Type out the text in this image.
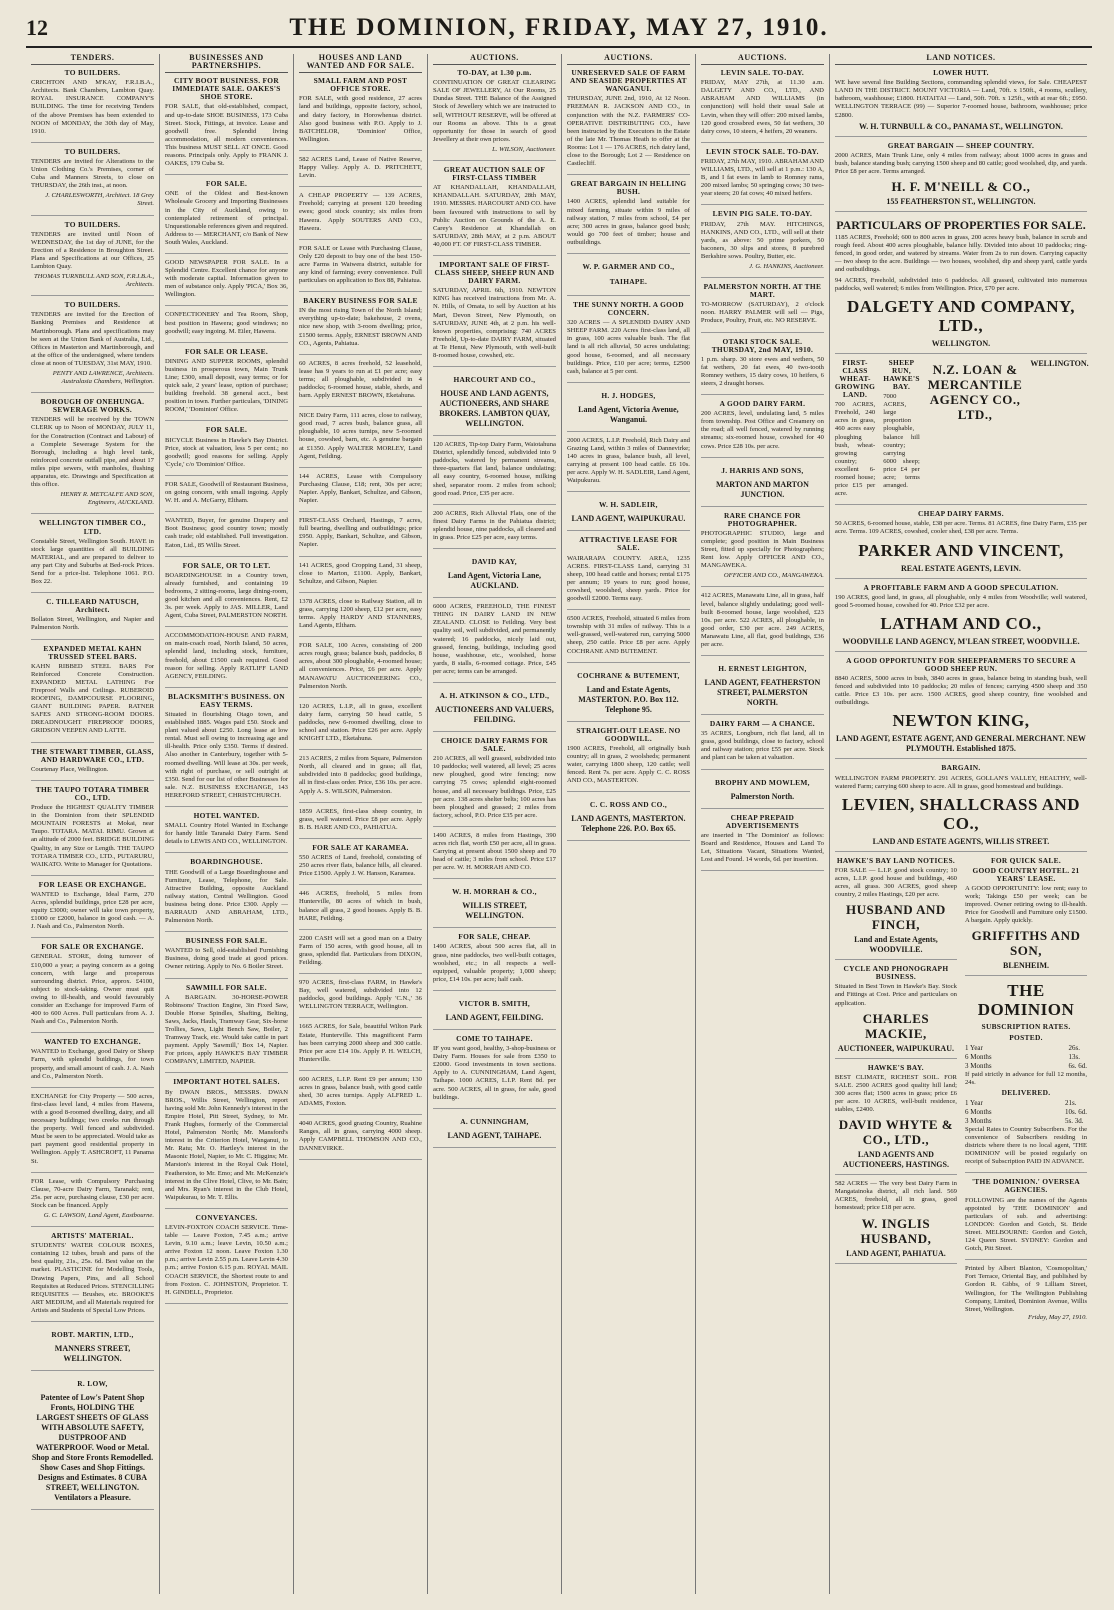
12	THE DOMINION, FRIDAY, MAY 27, 1910.
TENDERS.
TO BUILDERS.

CRICHTON AND M'KAY, F.R.I.B.A., Architects. Bank Chambers, Lambton Quay. ROYAL INSURANCE COMPANY'S BUILDING. The time for receiving Tenders of the above Premises has been extended to NOON of MONDAY, the 30th day of May, 1910.

TO BUILDERS.

TENDERS are invited for Alterations to the Union Clothing Co.'s Premises, corner of Cuba and Manners Streets, to close on THURSDAY, the 26th inst., at noon.

J. CHARLESWORTH, Architect. 18 Grey Street.

TO BUILDERS.

TENDERS are invited until Noon of WEDNESDAY, the 1st day of JUNE, for the Erection of a Residence in Broughton Street. Plans and Specifications at our Offices, 25 Lambton Quay.

THOMAS TURNBULL AND SON, F.R.I.B.A., Architects.

TO BUILDERS.

TENDERS are invited for the Erection of Banking Premises and Residence at Martinborough. Plans and specifications may be seen at the Union Bank of Australia, Ltd., Offices in Masterton and Martinborough, and at the office of the undersigned, where tenders close at noon of TUESDAY, 31st MAY, 1910.

PENTY AND LAWRENCE, Architects. Australasia Chambers, Wellington.

BOROUGH OF ONEHUNGA. SEWERAGE WORKS.

TENDERS will be received by the TOWN CLERK up to Noon of MONDAY, JULY 11, for the Construction (Contract and Labour) of a Complete Sewerage System for the Borough, including a high level tank, reinforced concrete outfall pipe, and about 17 miles pipe sewers, with manholes, flushing apparatus, etc. Drawings and Specification at this office.

HENRY R. METCALFE AND SON, Engineers, AUCKLAND.

WELLINGTON TIMBER CO., LTD.

Constable Street, Wellington South. HAVE in stock large quantities of all BUILDING MATERIAL, and are prepared to deliver to any part City and Suburbs at Bed-rock Prices. Send for a price-list. Telephone 1061. P.O. Box 22.

C. TILLEARD NATUSCH, Architect.

Bollaton Street, Wellington, and Napier and Palmerston North.

EXPANDED METAL KAHN TRUSSED STEEL BARS.

KAHN RIBBED STEEL BARS For Reinforced Concrete Construction. EXPANDED METAL LATHING For Fireproof Walls and Ceilings. RUBEROID ROOFING, DAMPCOURSE FLOORING, GIANT BUILDING PAPER. RATNER SAFES AND STRONG-ROOM DOORS. DREADNOUGHT FIREPROOF DOORS, GRIDSON VEEPEN AND LATTE.

THE STEWART TIMBER, GLASS, AND HARDWARE CO., LTD.

Courtenay Place, Wellington.

THE TAUPO TOTARA TIMBER CO., LTD.

Produce the HIGHEST QUALITY TIMBER in the Dominion from their SPLENDID MOUNTAIN FORESTS at Mokai, near Taupo. TOTARA. MATAI. RIMU. Grown at an altitude of 2000 feet. BRIDGE BUILDING Quality, in any Size or Length. THE TAUPO TOTARA TIMBER CO., LTD., PUTARURU, WAIKATO. Write to Manager for Quotations.

FOR LEASE OR EXCHANGE.

WANTED to Exchange, Ideal Farm, 270 Acres, splendid buildings, price £28 per acre, equity £3000; owner will take town property, £1000 or £2000, balance in good cash. — A. J. Nash and Co., Palmerston North.

FOR SALE OR EXCHANGE.

GENERAL STORE, doing turnover of £10,000 a year; a paying concern as a going concern, with large and prosperous surrounding district. Price, approx. £4100, subject to stock-taking. Owner must quit owing to ill-health, and would favourably consider an Exchange for improved Farm of 400 to 600 Acres. Full particulars from A. J. Nash and Co., Palmerston North.

WANTED TO EXCHANGE.

WANTED to Exchange, good Dairy or Sheep Farm, with splendid buildings, for town property, and small amount of cash. J. A. Nash and Co., Palmerston North.

EXCHANGE for City Property — 500 acres, first-class level land, 4 miles from Hawera, with a good 8-roomed dwelling, dairy, and all necessary buildings; two creeks run through the property. Well fenced and subdivided. Must be seen to be appreciated. Would take as part payment good residential property in Wellington. Apply T. ASHCROFT, 11 Panama St.

FOR Lease, with Compulsory Purchasing Clause, 70-acre Dairy Farm, Taranaki; rent, 25s. per acre, purchasing clause, £30 per acre. Stock can be financed. Apply

G. C. LAWSON, Land Agent, Eastbourne.

ARTISTS' MATERIAL.

STUDENTS' WATER COLOUR BOXES, containing 12 tubes, brush and pans of the best quality, 21s., 25s. 6d. Best value on the market. PLASTICINE for Modelling Tools, Drawing Papers, Pins, and all School Requisites at Reduced Prices. STENCILLING REQUISITES — Brushes, etc. BROOKE'S ART MEDIUM, and all Materials required for Artists and Students of Special Low Prices.

ROBT. MARTIN, LTD.,

MANNERS STREET, WELLINGTON.

R. LOW,

Patentee of Low's Patent Shop Fronts, HOLDING THE LARGEST SHEETS OF GLASS WITH ABSOLUTE SAFETY, DUSTPROOF AND WATERPROOF. Wood or Metal. Shop and Store Fronts Remodelled. Show Cases and Shop Fittings. Designs and Estimates. 8 CUBA STREET, WELLINGTON. Ventilators a Pleasure.

BUSINESSES AND PARTNERSHIPS.
CITY BOOT BUSINESS. FOR IMMEDIATE SALE. OAKES'S SHOE STORE.

FOR SALE, that old-established, compact, and up-to-date SHOE BUSINESS, 173 Cuba Street. Stock, Fittings, at invoice. Lease and goodwill free. Splendid living accommodation, all modern conveniences. This business MUST SELL AT ONCE. Good reasons. Principals only. Apply to FRANK J. OAKES, 179 Cuba St.

FOR SALE.

ONE of the Oldest and Best-known Wholesale Grocery and Importing Businesses in the City of Auckland, owing to contemplated retirement of principal. Unquestionable references given and required. Address to — MERCHANT, c/o Bank of New South Wales, Auckland.

GOOD NEWSPAPER FOR SALE. In a Splendid Centre. Excellent chance for anyone with moderate capital. Information given to men of substance only. Apply 'PICA,' Box 36, Wellington.

CONFECTIONERY and Tea Room, Shop, best position in Hawera; good windows; no goodwill; easy ingoing. M. Eiler, Hawera.

FOR SALE OR LEASE.

DINING AND SUPPER ROOMS, splendid business in prosperous town, Main Trunk Line; £300, small deposit, easy terms; or for quick sale, 2 years' lease, option of purchase; building freehold. 38 general acct., best position in town. Further particulars, 'DINING ROOM,' 'Dominion' Office.

FOR SALE.

BICYCLE Business in Hawke's Bay District. Price, stock at valuation, less 5 per cent.; no goodwill; good reasons for selling. Apply 'Cycle,' c/o 'Dominion' Office.

FOR SALE, Goodwill of Restaurant Business, on going concern, with small ingoing. Apply W. H. and A. McGarry, Eltham.

WANTED, Buyer, for genuine Drapery and Boot Business; good country town; mostly cash trade; old established. Full investigation. Eaton, Ltd., 85 Willis Street.

FOR SALE, OR TO LET.

BOARDINGHOUSE in a Country town, already furnished, and containing 19 bedrooms, 2 sitting-rooms, large dining-room, good kitchen and all conveniences. Rent, £2 3s. per week. Apply to JAS. MILLER, Land Agent, Cuba Street, PALMERSTON NORTH.

ACCOMMODATION-HOUSE AND FARM, on main-coach road, North Island, 50 acres, splendid land, including stock, furniture, freehold, about £1500 cash required. Good reason for selling. Apply RATLIFF LAND AGENCY, FEILDING.

BLACKSMITH'S BUSINESS. ON EASY TERMS.

Situated in flourishing Otago town, and established 1885. Wages paid £50. Stock and plant valued about £250. Long lease at low rental. Must sell owing to increasing age and ill-health. Price only £350. Terms if desired. Also another in Canterbury, together with 5-roomed dwelling. Will lease at 30s. per week, with right of purchase, or sell outright at £350. Send for our list of other Businesses for sale. N.Z. BUSINESS EXCHANGE, 143 HEREFORD STREET, CHRISTCHURCH.

HOTEL WANTED.

SMALL Country Hotel Wanted in Exchange for handy little Taranaki Dairy Farm. Send details to LEWIS AND CO., WELLINGTON.

BOARDINGHOUSE.

THE Goodwill of a Large Boardinghouse and Furniture, Lease, Telephone, for Sale. Attractive Building, opposite Auckland railway station, Central Wellington. Good business being done. Price £300. Apply — BARRAUD AND ABRAHAM, LTD., Palmerston North.

BUSINESS FOR SALE.

WANTED to Sell, old-established Furnishing Business, doing good trade at good prices. Owner retiring. Apply to No. 6 Boiler Street.

SAWMILL FOR SALE.

A BARGAIN. 30-HORSE-POWER Robinsons' Traction Engine, 3in Fixed Saw, Double Horse Spindles, Shafting, Belting, Saws, Jacks, Hauls, Tramway Gear, Six-horse Trollies, Saws, Light Bench Saw, Boiler, 2 Tramway Track, etc. Would take cattle in part payment. Apply 'Sawmill,' Box 14, Napier. For prices, apply HAWKE'S BAY TIMBER COMPANY, LIMITED, NAPIER.

IMPORTANT HOTEL SALES.

By DWAN BROS., MESSRS. DWAN BROS., Willis Street, Wellington, report having sold Mr. John Kennedy's interest in the Empire Hotel, Pitt Street, Sydney, to Mr. Frank Hughes, formerly of the Commercial Hotel, Palmerston North; Mr. Mansford's interest in the Criterion Hotel, Wanganui, to Mr. Ratu; Mr. O. Hartley's interest in the Masonic Hotel, Napier, to Mr. C. Higgins; Mr. Marston's interest in the Royal Oak Hotel, Featherston, to Mr. Emo; and Mr. McKenzie's interest in the Clive Hotel, Clive, to Mr. Bain; and Mrs. Ryan's interest in the Club Hotel, Waipukurau, to Mr. T. Ellis.

CONVEYANCES.

LEVIN-FOXTON COACH SERVICE. Time-table — Leave Foxton, 7.45 a.m.; arrive Levin, 9.10 a.m.; leave Levin, 10.50 a.m.; arrive Foxton 12 noon. Leave Foxton 1.30 p.m.; arrive Levin 2.55 p.m. Leave Levin 4.30 p.m.; arrive Foxton 6.15 p.m. ROYAL MAIL COACH SERVICE, the Shortest route to and from Foxton. C. JOHNSTON, Proprietor. T. H. GINDELL, Proprietor.

HOUSES AND LAND WANTED AND FOR SALE.
SMALL FARM AND POST OFFICE STORE.

FOR SALE, with good residence, 27 acres land and buildings, opposite factory, school, and dairy factory, in Horowhenua district. Also good business with P.O. Apply to J. BATCHELOR, 'Dominion' Office, Wellington.

582 ACRES Land, Lease of Native Reserve, Happy Valley. Apply A. D. PRITCHETT, Levin.

A CHEAP PROPERTY — 139 ACRES, Freehold; carrying at present 120 breeding ewes; good stock country; six miles from Hawera. Apply SOUTERS AND CO., Hawera.

FOR SALE or Lease with Purchasing Clause, Only £20 deposit to buy one of the best 150-acre Farms in Waiwera district, suitable for any kind of farming; every convenience. Full particulars on application to Box 88, Pahiatua.

BAKERY BUSINESS FOR SALE

IN the most rising Town of the North Island; everything up-to-date; bakehouse, 2 ovens, nice new shop, with 3-room dwelling; price, £1500 terms. Apply, ERNEST BROWN AND CO., Agents, Pahiatua.

60 ACRES, 8 acres freehold, 52 leasehold, lease has 9 years to run at £1 per acre; easy terms; all ploughable, subdivided in 4 paddocks; 6-roomed house, stable, sheds, and barn. Apply ERNEST BROWN, Eketahuna.

NICE Dairy Farm, 111 acres, close to railway, good road, 7 acres bush, balance grass, all ploughable, 10 acres turnips, new 5-roomed house, cowshed, barn, etc. A genuine bargain at £1350. Apply WALTER MORLEY, Land Agent, Feilding.

144 ACRES, Lease with Compulsory Purchasing Clause, £18; rent, 30s per acre; Napier. Apply, Bankart, Schultze, and Gibson, Napier.

FIRST-CLASS Orchard, Hastings, 7 acres, full bearing, dwelling and outbuildings; price £950. Apply, Bankart, Schultze, and Gibson, Napier.

141 ACRES, good Cropping Land, 31 sheep, close to Marton, £1100. Apply, Bankart, Schultze, and Gibson, Napier.

1378 ACRES, close to Railway Station, all in grass, carrying 1200 sheep, £12 per acre, easy terms. Apply HARDY AND STANNERS, Land Agents, Eltham.

FOR SALE, 100 Acres, consisting of 200 acres rough, grass; balance bush, paddocks, 8 acres, about 300 ploughable, 4-roomed house; all conveniences. Price, £6 per acre. Apply MANAWATU AUCTIONEERING CO., Palmerston North.

120 ACRES, L.I.P., all in grass, excellent dairy farm, carrying 50 head cattle, 5 paddocks, new 6-roomed dwelling, close to school and station. Price £26 per acre. Apply KNIGHT LTD., Eketahuna.

213 ACRES, 2 miles from Square, Palmerston North, all cleared and in grass; all flat, subdivided into 8 paddocks; good buildings, all in first-class order. Price, £36 10s. per acre. Apply A. S. WILSON, Palmerston.

1859 ACRES, first-class sheep country, in grass, well watered. Price £8 per acre. Apply B. B. HARE AND CO., PAHIATUA.

FOR SALE AT KARAMEA.

550 ACRES of Land, freehold, consisting of 250 acres river flats, balance hills, all cleared. Price £1500. Apply J. W. Hanson, Karamea.

446 ACRES, freehold, 5 miles from Hunterville, 80 acres of which in bush, balance all grass, 2 good houses. Apply B. B. HARE, Feilding.

2200 CASH will set a good man on a Dairy Farm of 150 acres, with good house, all in grass, splendid flat. Particulars from DIXON, Feilding.

970 ACRES, first-class FARM, in Hawke's Bay, well watered, subdivided into 12 paddocks, good buildings. Apply 'C.N.,' 36 WELLINGTON TERRACE, Wellington.

1665 ACRES, for Sale, beautiful Wilton Park Estate, Hunterville. This magnificent Farm has been carrying 2000 sheep and 300 cattle. Price per acre £14 10s. Apply P. H. WELCH, Hunterville.

600 ACRES, L.I.P. Rent £9 per annum; 130 acres in grass, balance bush, with good cattle shed, 30 acres turnips. Apply ALFRED L. ADAMS, Foxton.

4040 ACRES, good grazing Country, Ruahine Ranges, all in grass, carrying 4000 sheep. Apply CAMPBELL THOMSON AND CO., DANNEVIRKE.

AUCTIONS.
TO-DAY, at 1.30 p.m.

CONTINUATION OF GREAT CLEARING SALE OF JEWELLERY, At Our Rooms, 25 Dundas Street. THE Balance of the Assigned Stock of Jewellery which we are instructed to sell, WITHOUT RESERVE, will be offered at our Rooms as above. This is a great opportunity for those in search of good Jewellery at their own prices.

L. WILSON, Auctioneer.

GREAT AUCTION SALE OF FIRST-CLASS TIMBER

AT KHANDALLAH, KHANDALLAH, KHANDALLAH. SATURDAY, 28th MAY, 1910. MESSRS. HARCOURT AND CO. have been favoured with instructions to sell by Public Auction on Grounds of the A. E. Carey's Residence at Khandallah on SATURDAY, 28th MAY, at 2 p.m. ABOUT 40,000 FT. OF FIRST-CLASS TIMBER.

IMPORTANT SALE OF FIRST-CLASS SHEEP, SHEEP RUN AND DAIRY FARM.

SATURDAY, APRIL 6th, 1910. NEWTON KING has received instructions from Mr. A. N. Hills, of Omata, to sell by Auction at his Mart, Devon Street, New Plymouth, on SATURDAY, JUNE 4th, at 2 p.m. his well-known properties, comprising: 740 ACRES Freehold, Up-to-date DAIRY FARM, situated at Te Henui, New Plymouth, with well-built 8-roomed house, cowshed, etc.

HARCOURT AND CO.,

HOUSE AND LAND AGENTS, AUCTIONEERS, AND SHARE BROKERS. LAMBTON QUAY, WELLINGTON.

120 ACRES, Tip-top Dairy Farm, Waiotahuna District, splendidly fenced, subdivided into 9 paddocks, watered by permanent streams, three-quarters flat land, balance undulating; all easy country, 6-roomed house, milking shed, separator room. 2 miles from school; good road. Price, £35 per acre.

200 ACRES, Rich Alluvial Flats, one of the finest Dairy Farms in the Pahiatua district; splendid house, nine paddocks, all cleared and in grass. Price £25 per acre, easy terms.

DAVID KAY,

Land Agent, Victoria Lane, AUCKLAND.

6000 ACRES, FREEHOLD, THE FINEST THING IN DAIRY LAND IN NEW ZEALAND. CLOSE to Feilding. Very best quality soil, well subdivided, and permanently watered; 16 paddocks, nicely laid out, grassed, fencing, buildings, including good house, washhouse, etc., woolshed, horse yards, 8 stalls, 6-roomed cottage. Price, £45 per acre; terms can be arranged.

A. H. ATKINSON & CO., LTD.,

AUCTIONEERS AND VALUERS, FEILDING.

CHOICE DAIRY FARMS FOR SALE.

210 ACRES, all well grassed, subdivided into 10 paddocks; well watered, all level; 25 acres new ploughed, good wire fencing; now carrying 75 cows; splendid eight-roomed house, and all necessary buildings. Price, £25 per acre. 138 acres shelter belts; 100 acres has been ploughed and grassed; 2 miles from factory, school, P.O. Price £35 per acre.

1490 ACRES, 8 miles from Hastings, 390 acres rich flat, worth £50 per acre, all in grass. Carrying at present about 1500 sheep and 70 head of cattle; 3 miles from school. Price £17 per acre. W. H. MORRAH AND CO.

W. H. MORRAH & CO.,

WILLIS STREET, WELLINGTON.

FOR SALE, CHEAP.

1490 ACRES, about 500 acres flat, all in grass, nine paddocks, two well-built cottages, woolshed, etc.; in all respects a well-equipped, valuable property; 1,000 sheep; price, £14 10s. per acre; half cash.

VICTOR B. SMITH,

LAND AGENT, FEILDING.

COME TO TAIHAPE.

IF you want good, healthy, 3-shop-business or Dairy Farm. Houses for sale from £350 to £2000. Good investments in town sections. Apply to A. CUNNINGHAM, Land Agent, Taihape. 1000 ACRES, L.I.P. Rent 8d. per acre. 500 ACRES, all in grass, for sale, good buildings.

A. CUNNINGHAM,

LAND AGENT, TAIHAPE.

AUCTIONS.
UNRESERVED SALE OF FARM AND SEASIDE PROPERTIES AT WANGANUI.

THURSDAY, JUNE 2nd, 1910, At 12 Noon. FREEMAN R. JACKSON AND CO., in conjunction with the N.Z. FARMERS' CO-OPERATIVE DISTRIBUTING CO., have been instructed by the Executors in the Estate of the late Mr. Thomas Heath to offer at the Rooms: Lot 1 — 176 ACRES, rich dairy land, close to the Borough; Lot 2 — Residence on Castlecliff.

GREAT BARGAIN IN HELLING BUSH.

1400 ACRES, splendid land suitable for mixed farming, situate within 9 miles of railway station, 7 miles from school, £4 per acre; 300 acres in grass, balance good bush; would go 700 feet of timber; house and outbuildings.

W. P. GARMER AND CO., TAIHAPE.
THE SUNNY NORTH. A GOOD CONCERN.

320 ACRES — A SPLENDID DAIRY AND SHEEP FARM. 220 Acres first-class land, all in grass, 100 acres valuable bush. The flat land is all rich alluvial, 50 acres undulating; good house, 6-roomed, and all necessary buildings. Price, £10 per acre; terms, £2500 cash, balance at 5 per cent.

H. J. HODGES,

Land Agent, Victoria Avenue, Wanganui.

2000 ACRES, L.I.P. Freehold, Rich Dairy and Grazing Land, within 3 miles of Dannevirke; 140 acres in grass, balance bush, all level, carrying at present 100 head cattle. £6 10s. per acre. Apply W. H. SADLEIR, Land Agent, Waipukurau.

W. H. SADLEIR,

LAND AGENT, WAIPUKURAU.

ATTRACTIVE LEASE FOR SALE.

WAIRARAPA COUNTY. AREA, 1235 ACRES. FIRST-CLASS Land, carrying 31 sheep, 100 head cattle and horses; rental £175 per annum; 19 years to run; good house, cowshed, woolshed, sheep yards. Price for goodwill £2000. Terms easy.

6500 ACRES, Freehold, situated 6 miles from township with 31 miles of railway. This is a well-grassed, well-watered run, carrying 5000 sheep, 250 cattle. Price £8 per acre. Apply COCHRANE AND BUTEMENT.

COCHRANE & BUTEMENT,

Land and Estate Agents, MASTERTON. P.O. Box 112. Telephone 95.

STRAIGHT-OUT LEASE. NO GOODWILL.

1900 ACRES, Freehold, all originally bush country; all in grass, 2 woolsheds; permanent water, carrying 1800 sheep, 120 cattle; well fenced. Rent 7s. per acre. Apply C. C. ROSS AND CO., MASTERTON.

C. C. ROSS AND CO.,

LAND AGENTS, MASTERTON. Telephone 226. P.O. Box 65.

AUCTIONS.
LEVIN SALE. TO-DAY.

FRIDAY, MAY 27th, at 11.30 a.m. DALGETY AND CO., LTD., AND ABRAHAM AND WILLIAMS (in conjunction) will hold their usual Sale at Levin, when they will offer: 200 mixed lambs, 120 good crossbred ewes, 50 fat wethers, 30 dairy cows, 10 steers, 4 heifers, 20 weaners.

LEVIN STOCK SALE. TO-DAY.

FRIDAY, 27th MAY, 1910. ABRAHAM AND WILLIAMS, LTD., will sell at 1 p.m.: 130 A, B, and I fat ewes in lamb to Romney rams, 200 mixed lambs; 50 springing cows; 30 two-year steers; 20 fat cows; 40 mixed heifers.

LEVIN PIG SALE. TO-DAY.

FRIDAY, 27th MAY. HITCHINGS, HANKINS, AND CO., LTD., will sell at their yards, as above: 50 prime porkers, 50 baconers, 30 slips and stores, 8 purebred Berkshire sows. Poultry, Butter, etc.

J. G. HANKINS, Auctioneer.

PALMERSTON NORTH. AT THE MART.

TO-MORROW (SATURDAY), 2 o'clock noon. HARRY PALMER will sell — Pigs, Produce, Poultry, Fruit, etc. NO RESERVE.

OTAKI STOCK SALE. THURSDAY, 2nd MAY, 1910.

1 p.m. sharp. 30 store ewes and wethers, 50 fat wethers, 20 fat ewes, 40 two-tooth Romney wethers, 15 dairy cows, 10 heifers, 6 steers, 2 draught horses.

A GOOD DAIRY FARM.

200 ACRES, level, undulating land, 5 miles from township. Post Office and Creamery on the road; all well fenced, watered by running streams; six-roomed house, cowshed for 40 cows. Price £28 10s. per acre.

J. HARRIS AND SONS,

MARTON AND MARTON JUNCTION.

RARE CHANCE FOR PHOTOGRAPHER.

PHOTOGRAPHIC STUDIO, large and complete; good position in Main Business Street, fitted up specially for Photographers; Rent low. Apply OFFICER AND CO., MANGAWEKA.

OFFICER AND CO., MANGAWEKA.

412 ACRES, Manawatu Line, all in grass, half level, balance slightly undulating; good well-built 8-roomed house, large woolshed, £23 10s. per acre. 522 ACRES, all ploughable, in good order, £30 per acre. 249 ACRES, Manawatu Line, all flat, good buildings, £36 per acre.

H. ERNEST LEIGHTON,

LAND AGENT, FEATHERSTON STREET, PALMERSTON NORTH.

DAIRY FARM — A CHANCE.

35 ACRES, Longburn, rich flat land, all in grass, good buildings, close to factory, school and railway station; price £55 per acre. Stock and plant can be taken at valuation.

BROPHY AND MOWLEM,

Palmerston North.

CHEAP PREPAID ADVERTISEMENTS

are inserted in 'The Dominion' as follows: Board and Residence, Houses and Land To Let, Situations Vacant, Situations Wanted, Lost and Found. 14 words, 6d. per insertion.

LAND NOTICES.
LOWER HUTT.

WE have several fine Building Sections, commanding splendid views, for Sale. CHEAPEST LAND IN THE DISTRICT. MOUNT VICTORIA — Land, 70ft. x 150ft., 4 rooms, scullery, bathroom, washhouse; £1800. HATAITAI — Land, 50ft. 70ft. x 125ft., with at rear 6ft.; £950. WELLINGTON TERRACE (99) — Superior 7-roomed house, bathroom, washhouse; price £2800.

W. H. TURNBULL & CO., PANAMA ST., WELLINGTON.
GREAT BARGAIN — SHEEP COUNTRY.

2000 ACRES, Main Trunk Line, only 4 miles from railway; about 1000 acres in grass and bush, balance standing bush; carrying 1500 sheep and 80 cattle; good woolshed, dip, and yards. Price £8 per acre. Terms arranged.

H. F. M'NEILL & CO.,
155 FEATHERSTON ST., WELLINGTON.
PARTICULARS OF PROPERTIES FOR SALE.

1185 ACRES, Freehold; 600 to 800 acres in grass, 200 acres heavy bush, balance in scrub and rough feed. About 400 acres ploughable, balance hilly. Divided into about 10 paddocks; ring-fenced, in good order, and watered by streams. Water from 2s to run down. Carrying capacity — two sheep to the acre. Buildings — two houses, woolshed, dip and sheep yard, cattle yards and outbuildings.

94 ACRES, Freehold, subdivided into 6 paddocks. All grassed, cultivated into numerous paddocks, well watered; 6 miles from Wellington. Price, £70 per acre.

DALGETY AND COMPANY, LTD.,
WELLINGTON.
FIRST-CLASS WHEAT-GROWING LAND.

700 ACRES, Freehold, 240 acres in grass, 460 acres easy ploughing bush, wheat-growing country; excellent 6-roomed house; price £15 per acre.

SHEEP RUN, HAWKE'S BAY.

7000 ACRES, large proportion ploughable, balance hill country; carrying 6000 sheep; price £4 per acre; terms arranged.

N.Z. LOAN & MERCANTILE AGENCY CO., LTD.,
WELLINGTON.
CHEAP DAIRY FARMS.

50 ACRES, 6-roomed house, stable, £38 per acre. Terms. 81 ACRES, fine Dairy Farm, £35 per acre. Terms. 109 ACRES, cowshed, cooler shed, £38 per acre. Terms.

PARKER AND VINCENT,
REAL ESTATE AGENTS, LEVIN.
A PROFITABLE FARM AND A GOOD SPECULATION.

190 ACRES, good land, in grass, all ploughable, only 4 miles from Woodville; well watered, good 5-roomed house, cowshed for 40. Price £32 per acre.

LATHAM AND CO.,
WOODVILLE LAND AGENCY, M'LEAN STREET, WOODVILLE.
A GOOD OPPORTUNITY FOR SHEEPFARMERS TO SECURE A GOOD SHEEP RUN.

8840 ACRES, 5000 acres in bush, 3840 acres in grass, balance being in standing bush, well fenced and subdivided into 10 paddocks; 20 miles of fences; carrying 4500 sheep and 350 cattle. Price £3 10s. per acre. 1500 ACRES, good sheep country, fine woolshed and outbuildings.

NEWTON KING,
LAND AGENT, ESTATE AGENT, AND GENERAL MERCHANT. NEW PLYMOUTH. Established 1875.
BARGAIN.

WELLINGTON FARM PROPERTY. 291 ACRES, GOLLAN'S VALLEY, HEALTHY, well-watered Farm; carrying 600 sheep to acre. All in grass, good homestead and buildings.

LEVIEN, SHALLCRASS AND CO.,
LAND AND ESTATE AGENTS, WILLIS STREET.
HAWKE'S BAY LAND NOTICES.

FOR SALE — L.I.P. good stock country; 10 acres, L.I.P. good house and buildings, 460 acres, all grass. 300 ACRES, good sheep country, 2 miles Hastings, £20 per acre.

HUSBAND AND FINCH,
Land and Estate Agents, WOODVILLE.
CYCLE AND PHONOGRAPH BUSINESS.

Situated in Best Town in Hawke's Bay. Stock and Fittings at Cost. Price and particulars on application.

CHARLES MACKIE,
AUCTIONEER, WAIPUKURAU.
HAWKE'S BAY.

BEST CLIMATE, RICHEST SOIL. FOR SALE. 2500 ACRES good quality hill land; 300 acres flat; 1500 acres in grass; price £6 per acre. 10 ACRES, well-built residence, stables, £2400.

DAVID WHYTE & CO., LTD.,
LAND AGENTS AND AUCTIONEERS, HASTINGS.

582 ACRES — The very best Dairy Farm in Mangatainoka district, all rich land. 569 ACRES, freehold, all in grass, good homestead; price £18 per acre.

W. INGLIS HUSBAND,
LAND AGENT, PAHIATUA.
FOR QUICK SALE.
GOOD COUNTRY HOTEL. 21 YEARS' LEASE.

A GOOD OPPORTUNITY: low rent; easy to work; Takings £50 per week; can be improved. Owner retiring owing to ill-health. Price for Goodwill and Furniture only £1500. A bargain. Apply quickly.

GRIFFITHS AND SON,
BLENHEIM.
THE DOMINION
SUBSCRIPTION RATES.
POSTED.
1 Year	26s.
6 Months	13s.
3 Months	6s. 6d.

If paid strictly in advance for full 12 months, 24s.

DELIVERED.
1 Year	21s.
6 Months	10s. 6d.
3 Months	5s. 3d.

Special Rates to Country Subscribers. For the convenience of Subscribers residing in districts where there is no local agent, 'THE DOMINION' will be posted regularly on receipt of Subscription PAID IN ADVANCE.

'THE DOMINION.' OVERSEA AGENCIES.

FOLLOWING are the names of the Agents appointed by 'THE DOMINION' and particulars of sub. and advertising: LONDON: Gordon and Gotch, St. Bride Street. MELBOURNE: Gordon and Gotch, 124 Queen Street. SYDNEY: Gordon and Gotch, Pitt Street.

Printed by Albert Blanton, 'Cosmopolitan,' Fort Terrace, Oriental Bay, and published by Gordon R. Gibbs, of 9 Lilliam Street, Wellington, for The Wellington Publishing Company, Limited, Dominion Avenue, Willis Street, Wellington.

Friday, May 27, 1910.
